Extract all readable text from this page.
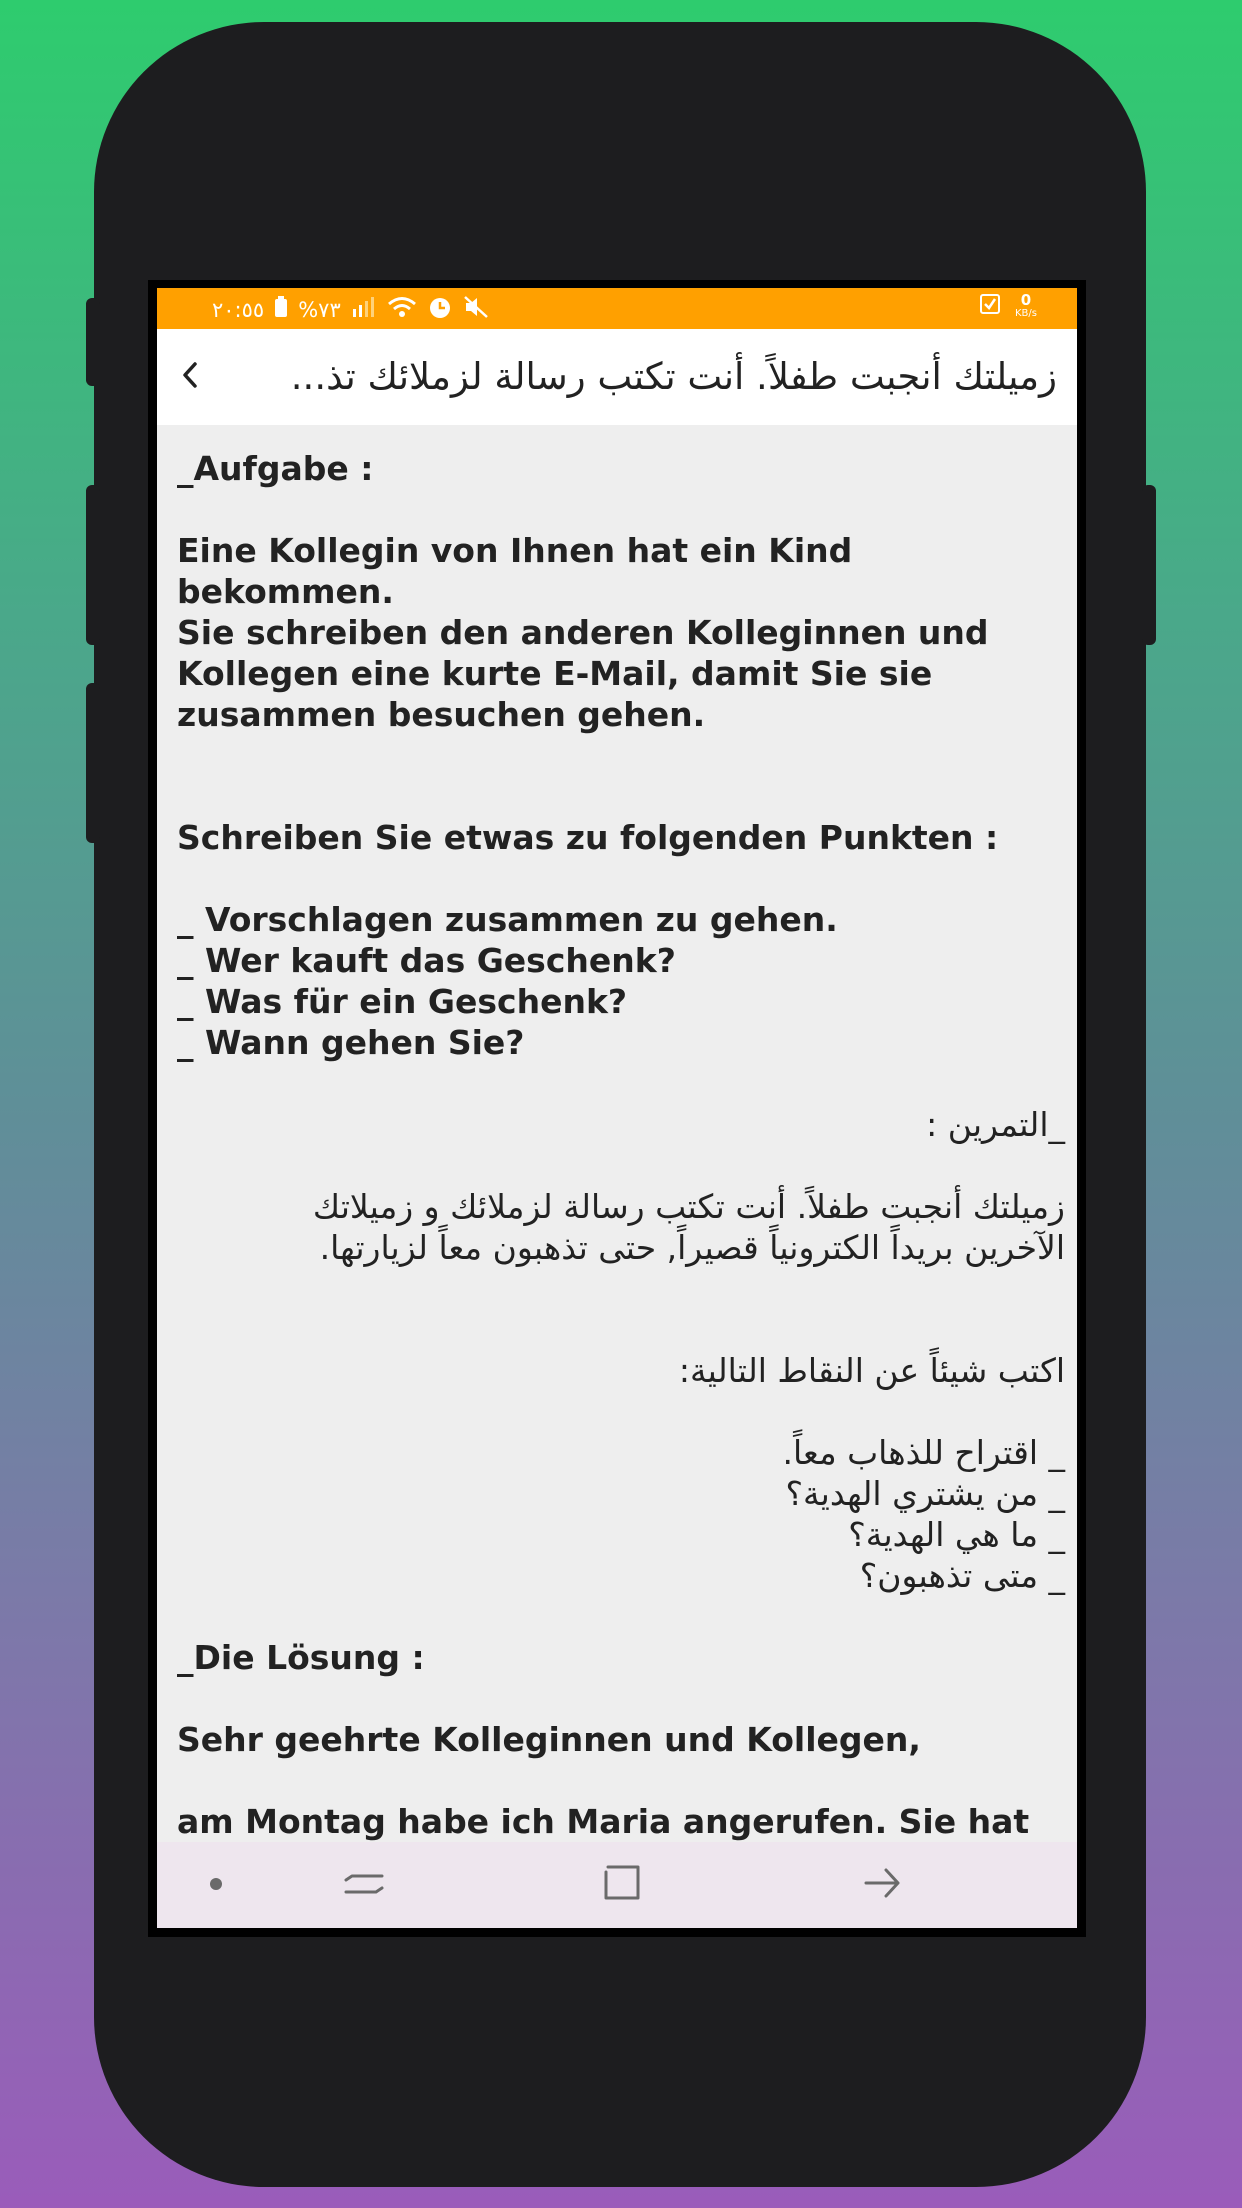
٢٠:٥٥ %٧٣	0
KB/s
زميلتك أنجبت طفلاً. أنت تكتب رسالة لزملائك تذ...

_Aufgabe :

Eine Kollegin von Ihnen hat ein Kind bekommen.

Sie schreiben den anderen Kolleginnen und

Kollegen eine kurte E-Mail, damit Sie sie

zusammen besuchen gehen.

Schreiben Sie etwas zu folgenden Punkten :

_ Vorschlagen zusammen zu gehen.

_ Wer kauft das Geschenk?

_ Was für ein Geschenk?

_ Wann gehen Sie?

_التمرين :

زميلتك أنجبت طفلاً. أنت تكتب رسالة لزملائك و زميلاتك

الآخرين بريداً الكترونياً قصيراً, حتى تذهبون معاً لزيارتها.

اكتب شيئاً عن النقاط التالية:

_ اقتراح للذهاب معاً.

_ من يشتري الهدية؟

_ ما هي الهدية؟

_ متى تذهبون؟

_Die Lösung :

Sehr geehrte Kolleginnen und Kollegen,

am Montag habe ich Maria angerufen. Sie hat
